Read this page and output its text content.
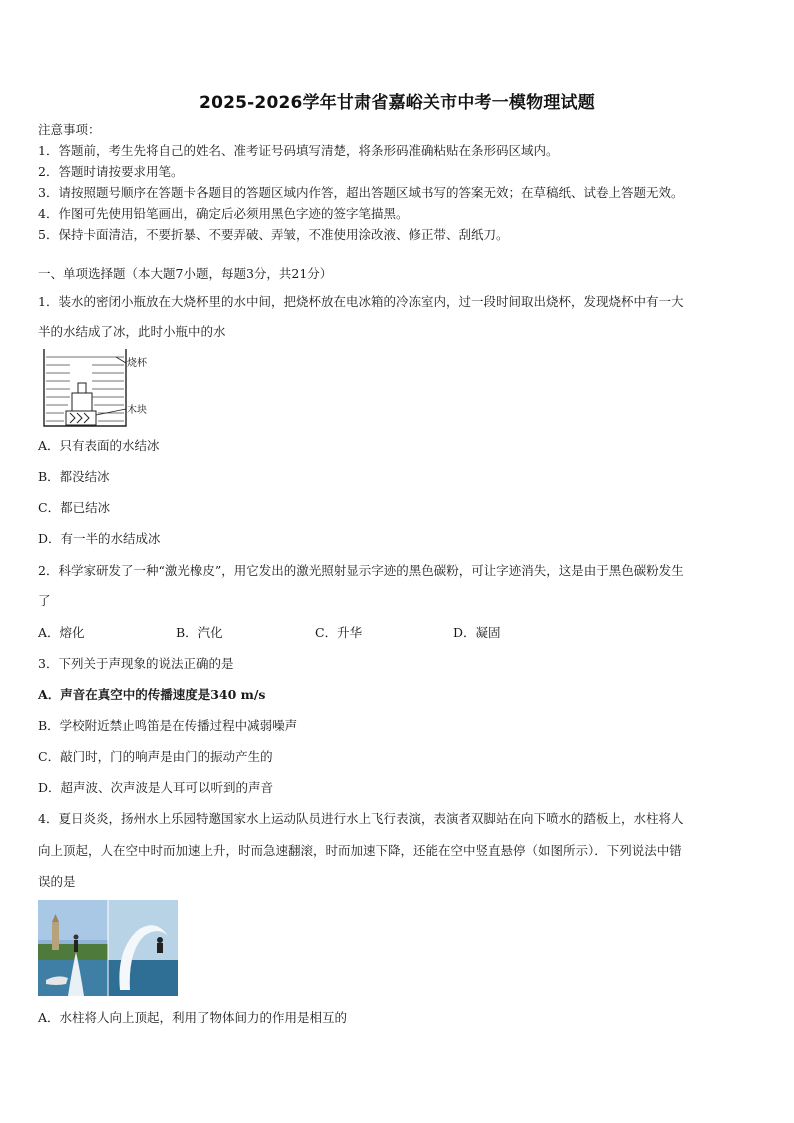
2025-2026学年甘肃省嘉峪关市中考一模物理试题
注意事项：
1．答题前，考生先将自己的姓名、准考证号码填写清楚，将条形码准确粘贴在条形码区域内。
2．答题时请按要求用笔。
3．请按照题号顺序在答题卡各题目的答题区域内作答，超出答题区域书写的答案无效；在草稿纸、试卷上答题无效。
4．作图可先使用铅笔画出，确定后必须用黑色字迹的签字笔描黑。
5．保持卡面清洁，不要折暴、不要弄破、弄皱，不准使用涂改液、修正带、刮纸刀。
一、单项选择题（本大题7小题，每题3分，共21分）
1．装水的密闭小瓶放在大烧杯里的水中间，把烧杯放在电冰箱的冷冻室内，过一段时间取出烧杯，发现烧杯中有一大
半的水结成了冰，此时小瓶中的水
烧杯
木块
A．只有表面的水结冰
B．都没结冰
C．都已结冰
D．有一半的水结成冰
2．科学家研发了一种“激光橡皮”，用它发出的激光照射显示字迹的黑色碳粉，可让字迹消失，这是由于黑色碳粉发生
了
A．熔化	B．汽化	C．升华	D．凝固
3．下列关于声现象的说法正确的是
A．声音在真空中的传播速度是340 m/s
B．学校附近禁止鸣笛是在传播过程中减弱噪声
C．敲门时，门的响声是由门的振动产生的
D．超声波、次声波是人耳可以听到的声音
4．夏日炎炎，扬州水上乐园特邀国家水上运动队员进行水上飞行表演，表演者双脚站在向下喷水的踏板上，水柱将人
向上顶起，人在空中时而加速上升，时而急速翻滚，时而加速下降，还能在空中竖直悬停（如图所示）．下列说法中错
误的是
A．水柱将人向上顶起，利用了物体间力的作用是相互的
